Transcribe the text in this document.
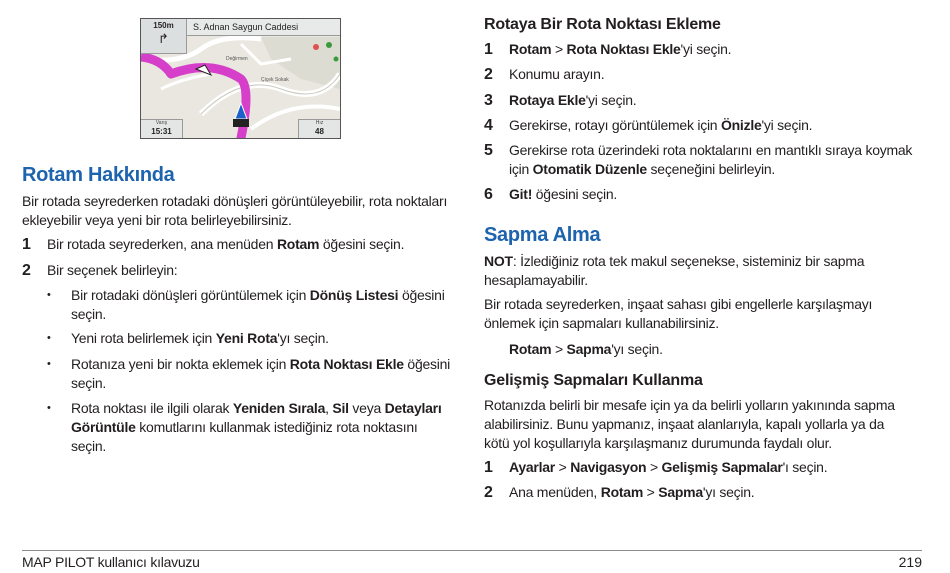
150m
↱
S. Adnan Saygun Caddesi
Değirmen
Çiçek Sokak
Varış
15:31
Hız
48
Rotam Hakkında

Bir rotada seyrederken rotadaki dönüşleri görüntüleyebilir, rota noktaları ekleyebilir veya yeni bir rota belirleyebilirsiniz.

1	Bir rotada seyrederken, ana menüden Rotam öğesini seçin.
2	Bir seçenek belirleyin:
• Bir rotadaki dönüşleri görüntülemek için Dönüş Listesi öğesini
seçin.
• Yeni rota belirlemek için Yeni Rota'yı seçin.
• Rotanıza yeni bir nokta eklemek için Rota Noktası Ekle öğesini
seçin.
• Rota noktası ile ilgili olarak Yeniden Sırala, Sil veya Detayları
Görüntüle komutlarını kullanmak istediğiniz rota noktasını
seçin.
Rotaya Bir Rota Noktası Ekleme
1	Rotam > Rota Noktası Ekle'yi seçin.
2	Konumu arayın.
3	Rotaya Ekle'yi seçin.
4	Gerekirse, rotayı görüntülemek için Önizle'yi seçin.
5	Gerekirse rota üzerindeki rota noktalarını en mantıklı sıraya koymak
için Otomatik Düzenle seçeneğini belirleyin.
6	Git! öğesini seçin.
Sapma Alma

NOT: İzlediğiniz rota tek makul seçenekse, sisteminiz bir sapma
hesaplamayabilir.

Bir rotada seyrederken, inşaat sahası gibi engellerle karşılaşmayı
önlemek için sapmaları kullanabilirsiniz.

Rotam > Sapma'yı seçin.

Gelişmiş Sapmaları Kullanma

Rotanızda belirli bir mesafe için ya da belirli yolların yakınında sapma
alabilirsiniz. Bunu yapmanız, inşaat alanlarıyla, kapalı yollarla ya da
kötü yol koşullarıyla karşılaşmanız durumunda faydalı olur.

1	Ayarlar > Navigasyon > Gelişmiş Sapmalar'ı seçin.
2	Ana menüden, Rotam > Sapma'yı seçin.
MAP PILOT kullanıcı kılavuzu	219
